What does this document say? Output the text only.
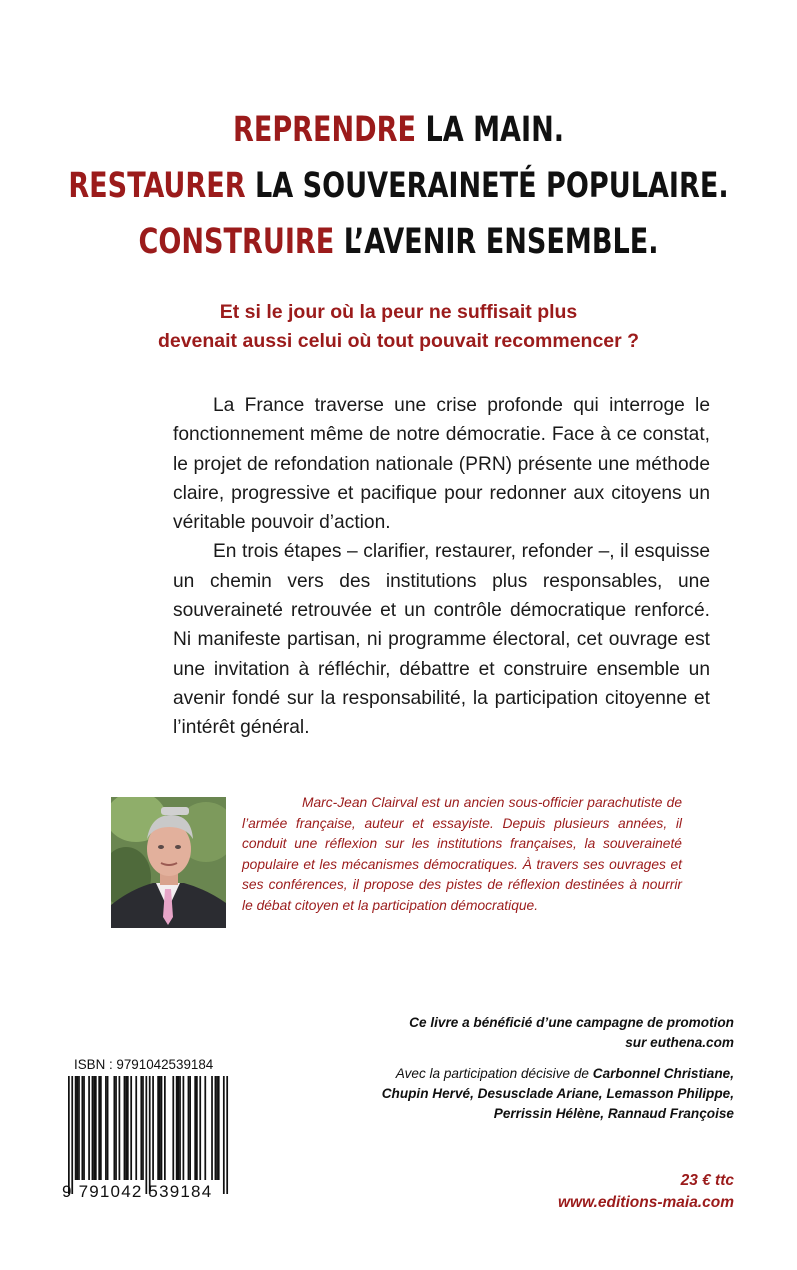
REPRENDRE LA MAIN.
RESTAURER LA SOUVERAINETÉ POPULAIRE.
CONSTRUIRE L’AVENIR ENSEMBLE.
Et si le jour où la peur ne suffisait plus
devenait aussi celui où tout pouvait recommencer ?

La France traverse une crise profonde qui interroge le fonctionnement même de notre démocratie. Face à ce constat, le projet de refondation nationale (PRN) présente une méthode claire, progressive et pacifique pour redonner aux citoyens un véritable pouvoir d’action.

En trois étapes – clarifier, restaurer, refonder –, il esquisse un chemin vers des institutions plus responsables, une souveraineté retrouvée et un contrôle démocratique renforcé. Ni manifeste partisan, ni programme électoral, cet ouvrage est une invitation à réfléchir, débattre et construire ensemble un avenir fondé sur la responsabilité, la participation citoyenne et l’intérêt général.

Marc-Jean Clairval est un ancien sous-officier parachutiste de l’armée française, auteur et essayiste. Depuis plusieurs années, il conduit une réflexion sur les institutions françaises, la souveraineté populaire et les mécanismes démocratiques. À travers ses ouvrages et ses conférences, il propose des pistes de réflexion destinées à nourrir le débat citoyen et la participation démocratique.

Ce livre a bénéficié d’une campagne de promotion
sur euthena.com
Avec la participation décisive de Carbonnel Christiane,
Chupin Hervé, Desusclade Ariane, Lemasson Philippe,
Perrissin Hélène, Rannaud Françoise
ISBN : 9791042539184
9 791042 539184
23 € ttc
www.editions-maia.com
